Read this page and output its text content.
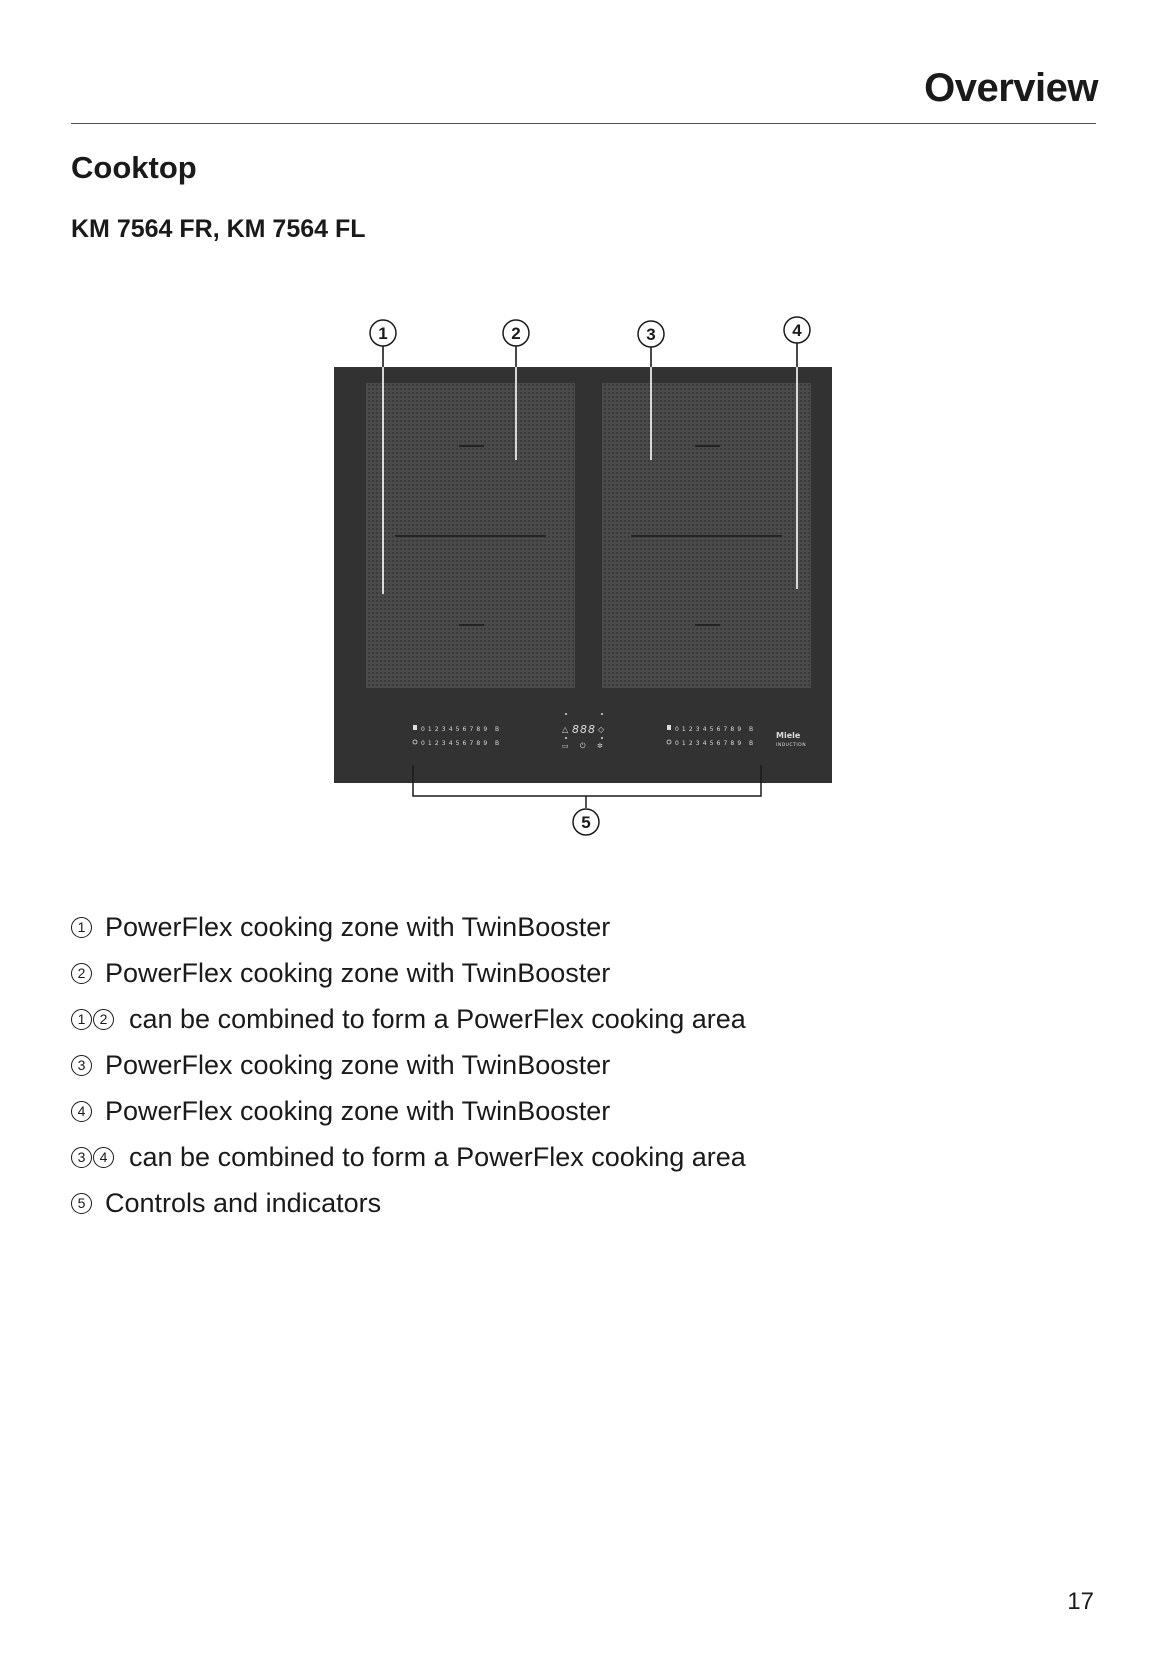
Overview
Cooktop

KM 7564 FR, KM 7564 FL

0 1 2 3 4 5 6 7 8 9 B
0 1 2 3 4 5 6 7 8 9 B
△ 888 ◇
▭ ⏻ ✲
0 1 2 3 4 5 6 7 8 9 B
0 1 2 3 4 5 6 7 8 9 B
Miele
INDUCTION
1	2	3	4
5
1 PowerFlex cooking zone with TwinBooster
2 PowerFlex cooking zone with TwinBooster
1	2 can be combined to form a PowerFlex cooking area
3 PowerFlex cooking zone with TwinBooster
4 PowerFlex cooking zone with TwinBooster
3	4 can be combined to form a PowerFlex cooking area
5 Controls and indicators
17
